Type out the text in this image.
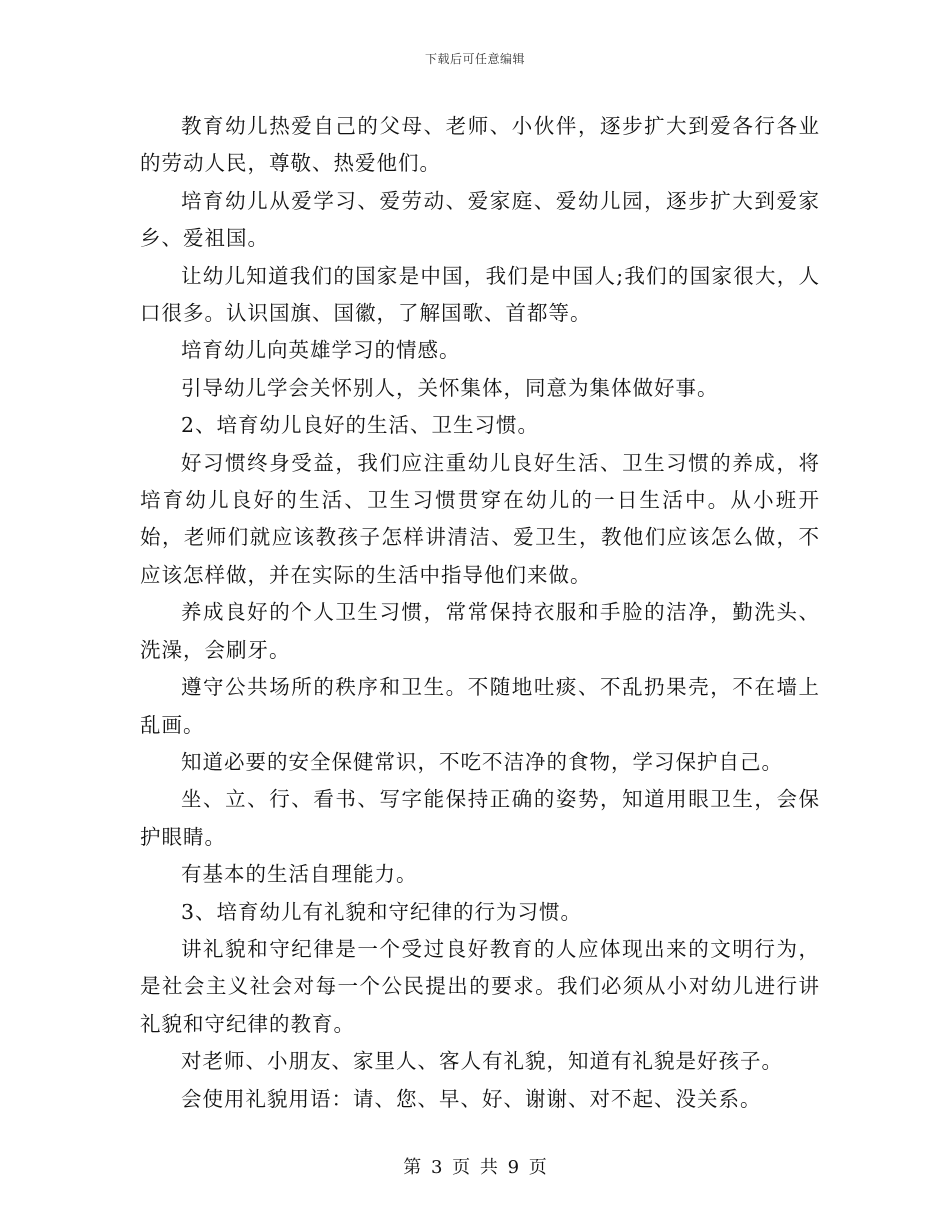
下载后可任意编辑

教育幼儿热爱自己的父母、老师、小伙伴，逐步扩大到爱各行各业的劳动人民，尊敬、热爱他们。

培育幼儿从爱学习、爱劳动、爱家庭、爱幼儿园，逐步扩大到爱家乡、爱祖国。

让幼儿知道我们的国家是中国，我们是中国人;我们的国家很大，人口很多。认识国旗、国徽，了解国歌、首都等。

培育幼儿向英雄学习的情感。

引导幼儿学会关怀别人，关怀集体，同意为集体做好事。

2、培育幼儿良好的生活、卫生习惯。

好习惯终身受益，我们应注重幼儿良好生活、卫生习惯的养成，将培育幼儿良好的生活、卫生习惯贯穿在幼儿的一日生活中。从小班开始，老师们就应该教孩子怎样讲清洁、爱卫生，教他们应该怎么做，不应该怎样做，并在实际的生活中指导他们来做。

养成良好的个人卫生习惯，常常保持衣服和手脸的洁净，勤洗头、洗澡，会刷牙。

遵守公共场所的秩序和卫生。不随地吐痰、不乱扔果壳，不在墙上乱画。

知道必要的安全保健常识，不吃不洁净的食物，学习保护自己。

坐、立、行、看书、写字能保持正确的姿势，知道用眼卫生，会保护眼睛。

有基本的生活自理能力。

3、培育幼儿有礼貌和守纪律的行为习惯。

讲礼貌和守纪律是一个受过良好教育的人应体现出来的文明行为，是社会主义社会对每一个公民提出的要求。我们必须从小对幼儿进行讲礼貌和守纪律的教育。

对老师、小朋友、家里人、客人有礼貌，知道有礼貌是好孩子。

会使用礼貌用语：请、您、早、好、谢谢、对不起、没关系。

第 3 页 共 9 页
